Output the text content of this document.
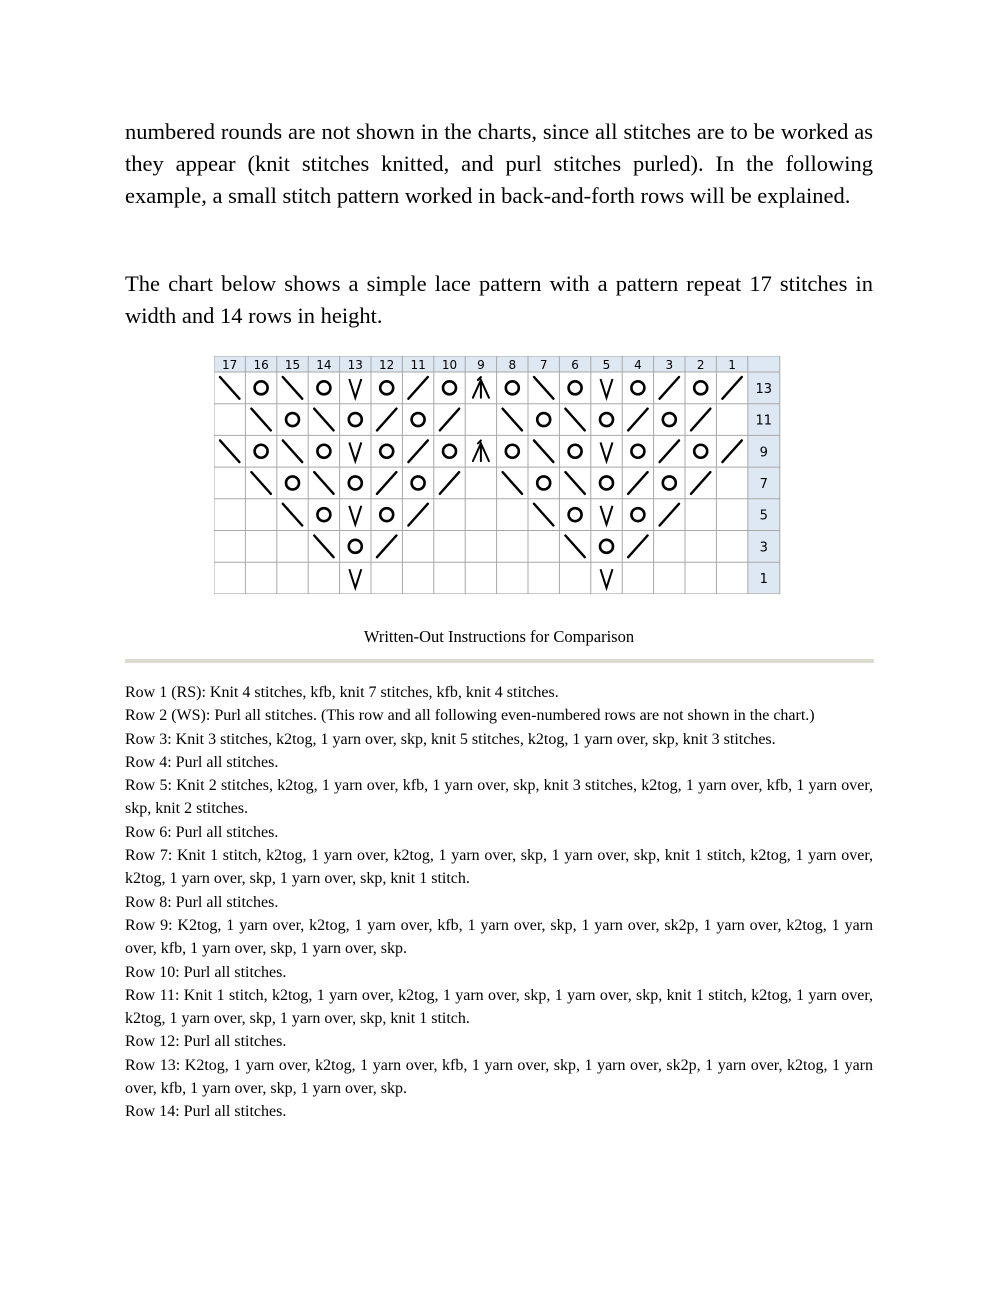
numbered rounds are not shown in the charts, since all stitches are to be worked as they appear (knit stitches knitted, and purl stitches purled). In the following example, a small stitch pattern worked in back-and-forth rows will be explained.

The chart below shows a simple lace pattern with a pattern repeat 17 stitches in width and 14 rows in height.

17 16 15 14 13 12 11 10 9 8 7 6 5 4 3 2 1
13
11
9
7
5
3
1

Written-Out Instructions for Comparison

Row 1 (RS): Knit 4 stitches, kfb, knit 7 stitches, kfb, knit 4 stitches.

Row 2 (WS): Purl all stitches. (This row and all following even-numbered rows are not shown in the chart.)

Row 3: Knit 3 stitches, k2tog, 1 yarn over, skp, knit 5 stitches, k2tog, 1 yarn over, skp, knit 3 stitches.

Row 4: Purl all stitches.

Row 5: Knit 2 stitches, k2tog, 1 yarn over, kfb, 1 yarn over, skp, knit 3 stitches, k2tog, 1 yarn over, kfb, 1 yarn over, skp, knit 2 stitches.

Row 6: Purl all stitches.

Row 7: Knit 1 stitch, k2tog, 1 yarn over, k2tog, 1 yarn over, skp, 1 yarn over, skp, knit 1 stitch, k2tog, 1 yarn over, k2tog, 1 yarn over, skp, 1 yarn over, skp, knit 1 stitch.

Row 8: Purl all stitches.

Row 9: K2tog, 1 yarn over, k2tog, 1 yarn over, kfb, 1 yarn over, skp, 1 yarn over, sk2p, 1 yarn over, k2tog, 1 yarn over, kfb, 1 yarn over, skp, 1 yarn over, skp.

Row 10: Purl all stitches.

Row 11: Knit 1 stitch, k2tog, 1 yarn over, k2tog, 1 yarn over, skp, 1 yarn over, skp, knit 1 stitch, k2tog, 1 yarn over, k2tog, 1 yarn over, skp, 1 yarn over, skp, knit 1 stitch.

Row 12: Purl all stitches.

Row 13: K2tog, 1 yarn over, k2tog, 1 yarn over, kfb, 1 yarn over, skp, 1 yarn over, sk2p, 1 yarn over, k2tog, 1 yarn over, kfb, 1 yarn over, skp, 1 yarn over, skp.

Row 14: Purl all stitches.
